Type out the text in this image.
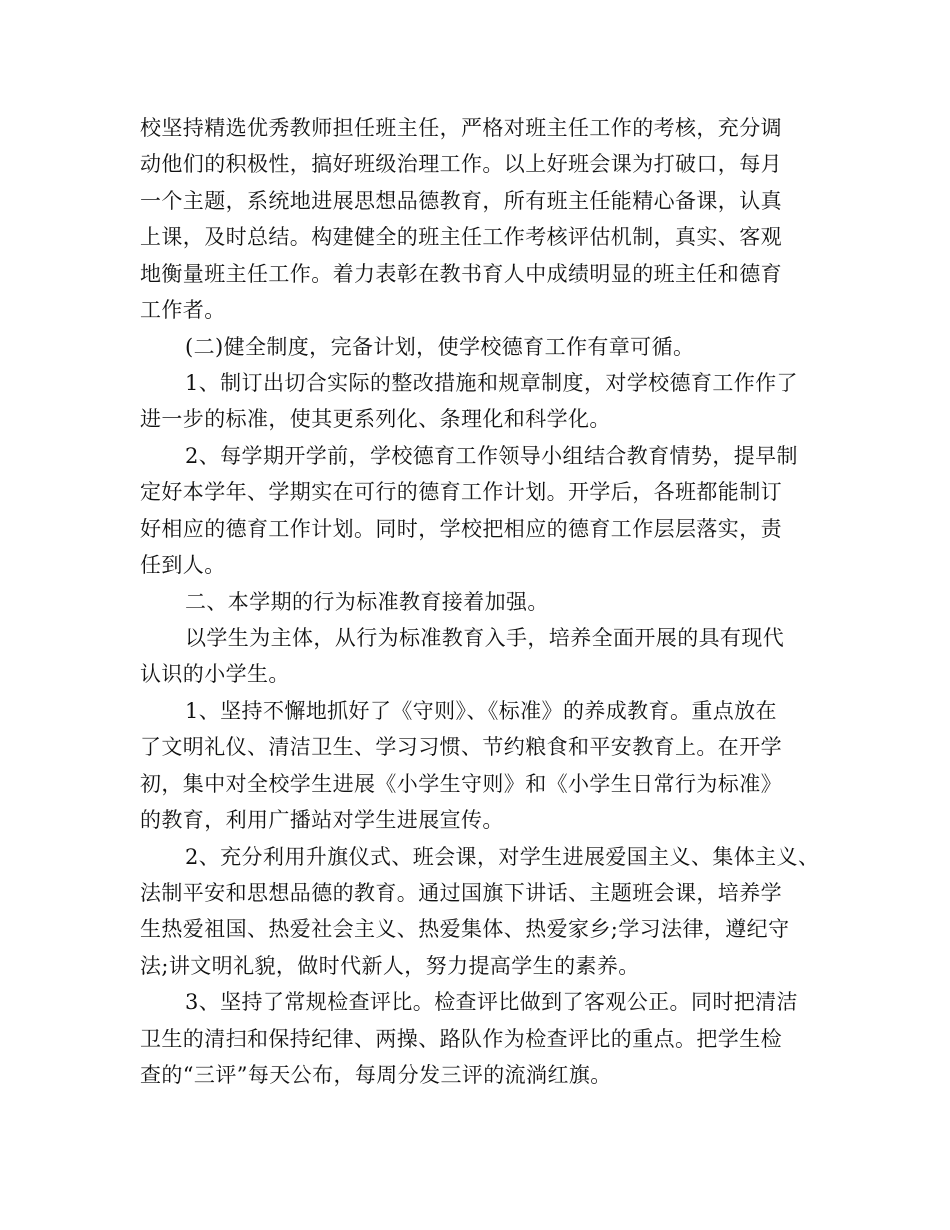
校坚持精选优秀教师担任班主任，严格对班主任工作的考核，充分调
动他们的积极性，搞好班级治理工作。以上好班会课为打破口，每月
一个主题，系统地进展思想品德教育，所有班主任能精心备课，认真
上课，及时总结。构建健全的班主任工作考核评估机制，真实、客观
地衡量班主任工作。着力表彰在教书育人中成绩明显的班主任和德育
工作者。
(二)健全制度，完备计划，使学校德育工作有章可循。
1、制订出切合实际的整改措施和规章制度，对学校德育工作作了
进一步的标准，使其更系列化、条理化和科学化。
2、每学期开学前，学校德育工作领导小组结合教育情势，提早制
定好本学年、学期实在可行的德育工作计划。开学后，各班都能制订
好相应的德育工作计划。同时，学校把相应的德育工作层层落实，责
任到人。
二、本学期的行为标准教育接着加强。
以学生为主体，从行为标准教育入手，培养全面开展的具有现代
认识的小学生。
1、坚持不懈地抓好了《守则》、《标准》的养成教育。重点放在
了文明礼仪、清洁卫生、学习习惯、节约粮食和平安教育上。在开学
初，集中对全校学生进展《小学生守则》和《小学生日常行为标准》
的教育，利用广播站对学生进展宣传。
2、充分利用升旗仪式、班会课，对学生进展爱国主义、集体主义、
法制平安和思想品德的教育。通过国旗下讲话、主题班会课，培养学
生热爱祖国、热爱社会主义、热爱集体、热爱家乡;学习法律，遵纪守
法;讲文明礼貌，做时代新人，努力提高学生的素养。
3、坚持了常规检查评比。检查评比做到了客观公正。同时把清洁
卫生的清扫和保持纪律、两操、路队作为检查评比的重点。把学生检
查的“三评”每天公布，每周分发三评的流淌红旗。
